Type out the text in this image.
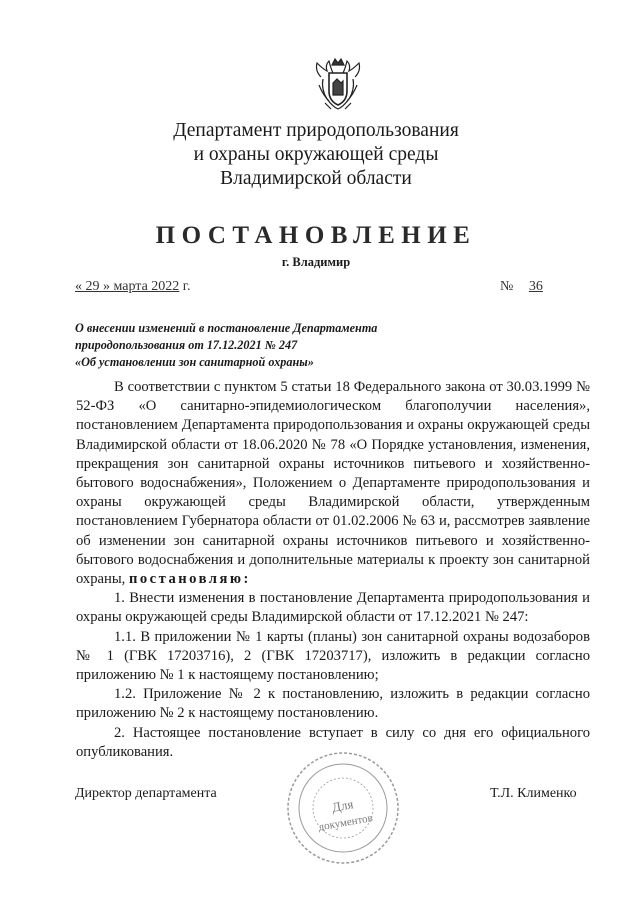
Департамент природопользования
и охраны окружающей среды
Владимирской области
ПОСТАНОВЛЕНИЕ
г. Владимир
« 29 » марта 2022 г.	№ 36
О внесении изменений в постановление Департамента
природопользования от 17.12.2021 № 247
«Об установлении зон санитарной охраны»

В соответствии с пунктом 5 статьи 18 Федерального закона от 30.03.1999 № 52-ФЗ «О санитарно-эпидемиологическом благополучии населения», постановлением Департамента природопользования и охраны окружающей среды Владимирской области от 18.06.2020 № 78 «О Порядке установления, изменения, прекращения зон санитарной охраны источников питьевого и хозяйственно-бытового водоснабжения», Положением о Департаменте природопользования и охраны окружающей среды Владимирской области, утвержденным постановлением Губернатора области от 01.02.2006 № 63 и, рассмотрев заявление об изменении зон санитарной охраны источников питьевого и хозяйственно-бытового водоснабжения и дополнительные материалы к проекту зон санитарной охраны, постановляю:

1. Внести изменения в постановление Департамента природопользования и охраны окружающей среды Владимирской области от 17.12.2021 № 247:

1.1. В приложении № 1 карты (планы) зон санитарной охраны водозаборов № 1 (ГВК 17203716), 2 (ГВК 17203717), изложить в редакции согласно приложению № 1 к настоящему постановлению;

1.2. Приложение № 2 к постановлению, изложить в редакции согласно приложению № 2 к настоящему постановлению.

2. Настоящее постановление вступает в силу со дня его официального опубликования.

Для
документов
Директор департамента	Т.Л. Клименко
